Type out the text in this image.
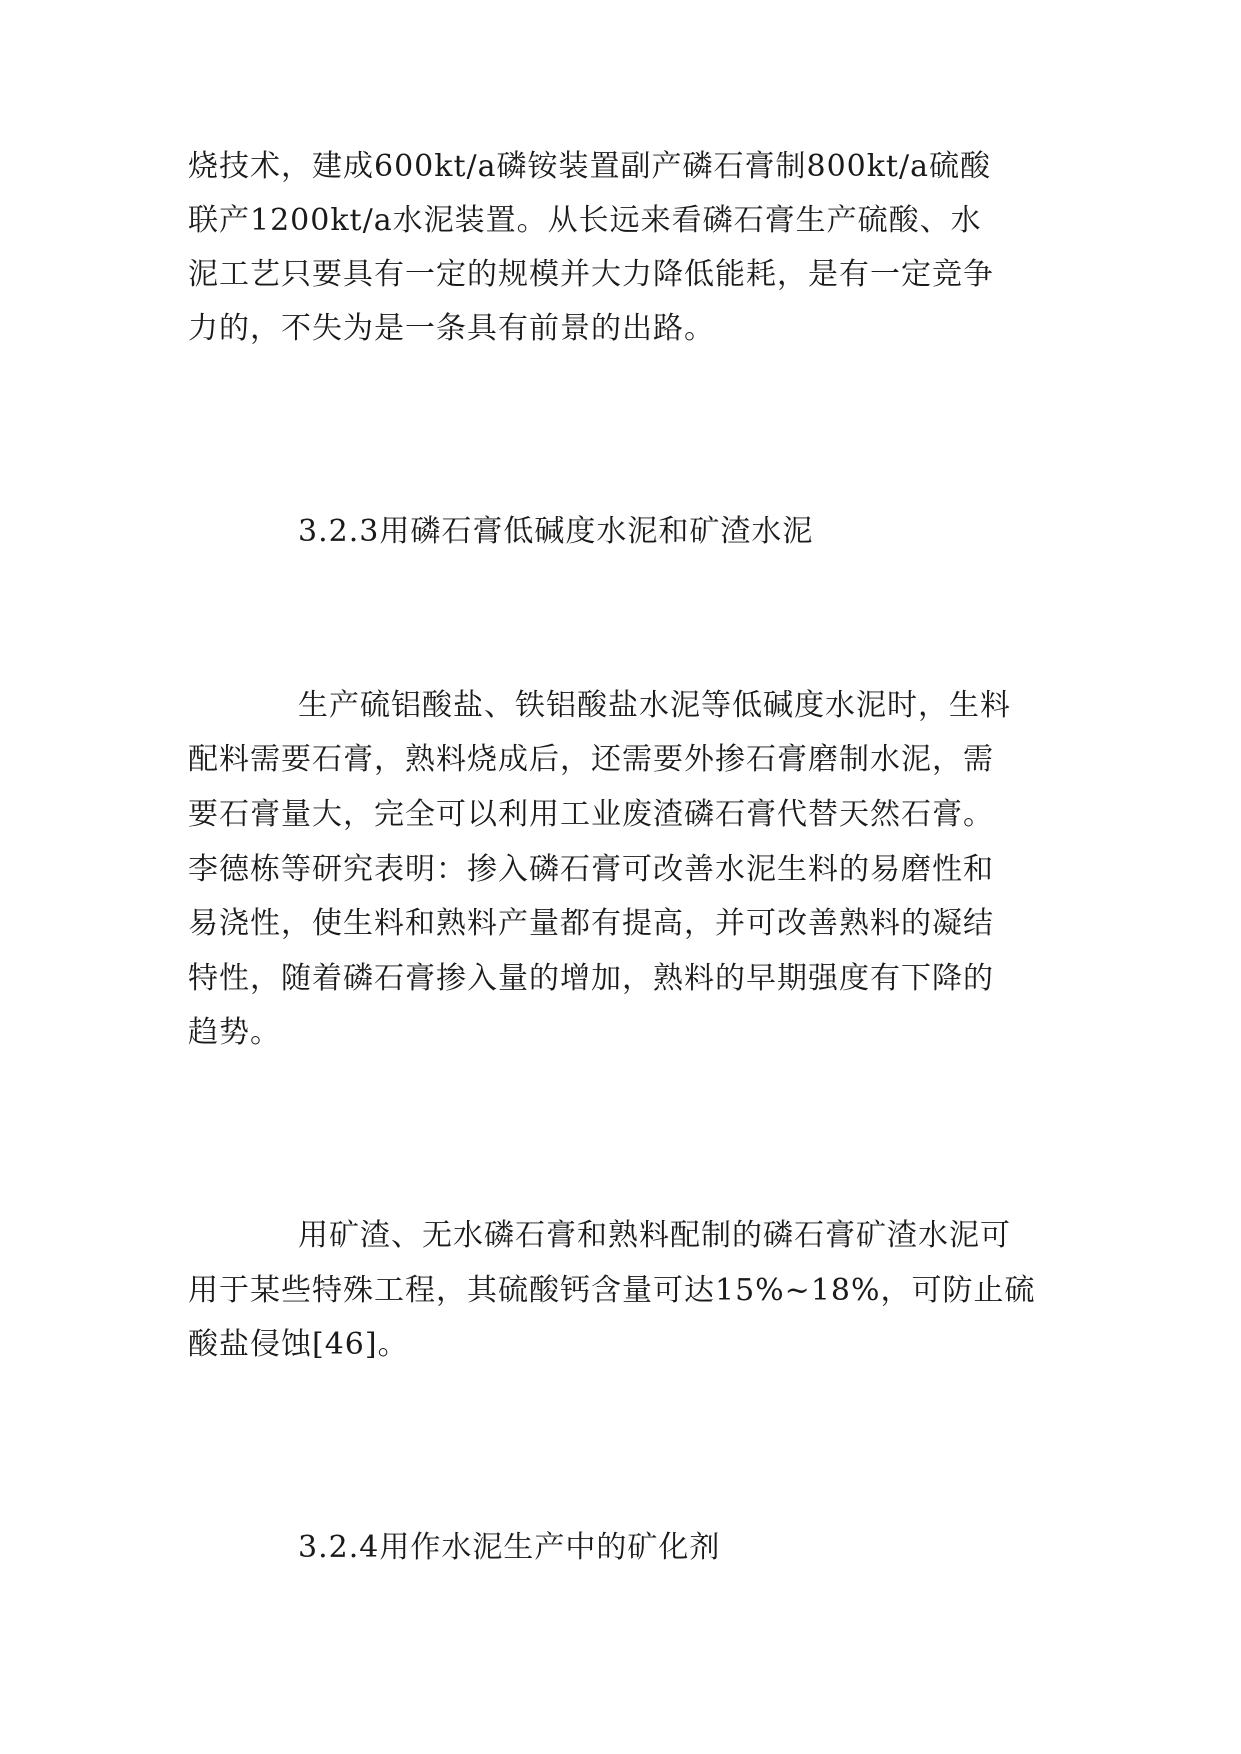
烧技术，建成600kt/a磷铵装置副产磷石膏制800kt/a硫酸
联产1200kt/a水泥装置。从长远来看磷石膏生产硫酸、水
泥工艺只要具有一定的规模并大力降低能耗，是有一定竞争
力的，不失为是一条具有前景的出路。
3.2.3用磷石膏低碱度水泥和矿渣水泥
生产硫铝酸盐、铁铝酸盐水泥等低碱度水泥时，生料
配料需要石膏，熟料烧成后，还需要外掺石膏磨制水泥，需
要石膏量大，完全可以利用工业废渣磷石膏代替天然石膏。
李德栋等研究表明：掺入磷石膏可改善水泥生料的易磨性和
易浇性，使生料和熟料产量都有提高，并可改善熟料的凝结
特性，随着磷石膏掺入量的增加，熟料的早期强度有下降的
趋势。
用矿渣、无水磷石膏和熟料配制的磷石膏矿渣水泥可
用于某些特殊工程，其硫酸钙含量可达15%~18%，可防止硫
酸盐侵蚀[46]。
3.2.4用作水泥生产中的矿化剂
